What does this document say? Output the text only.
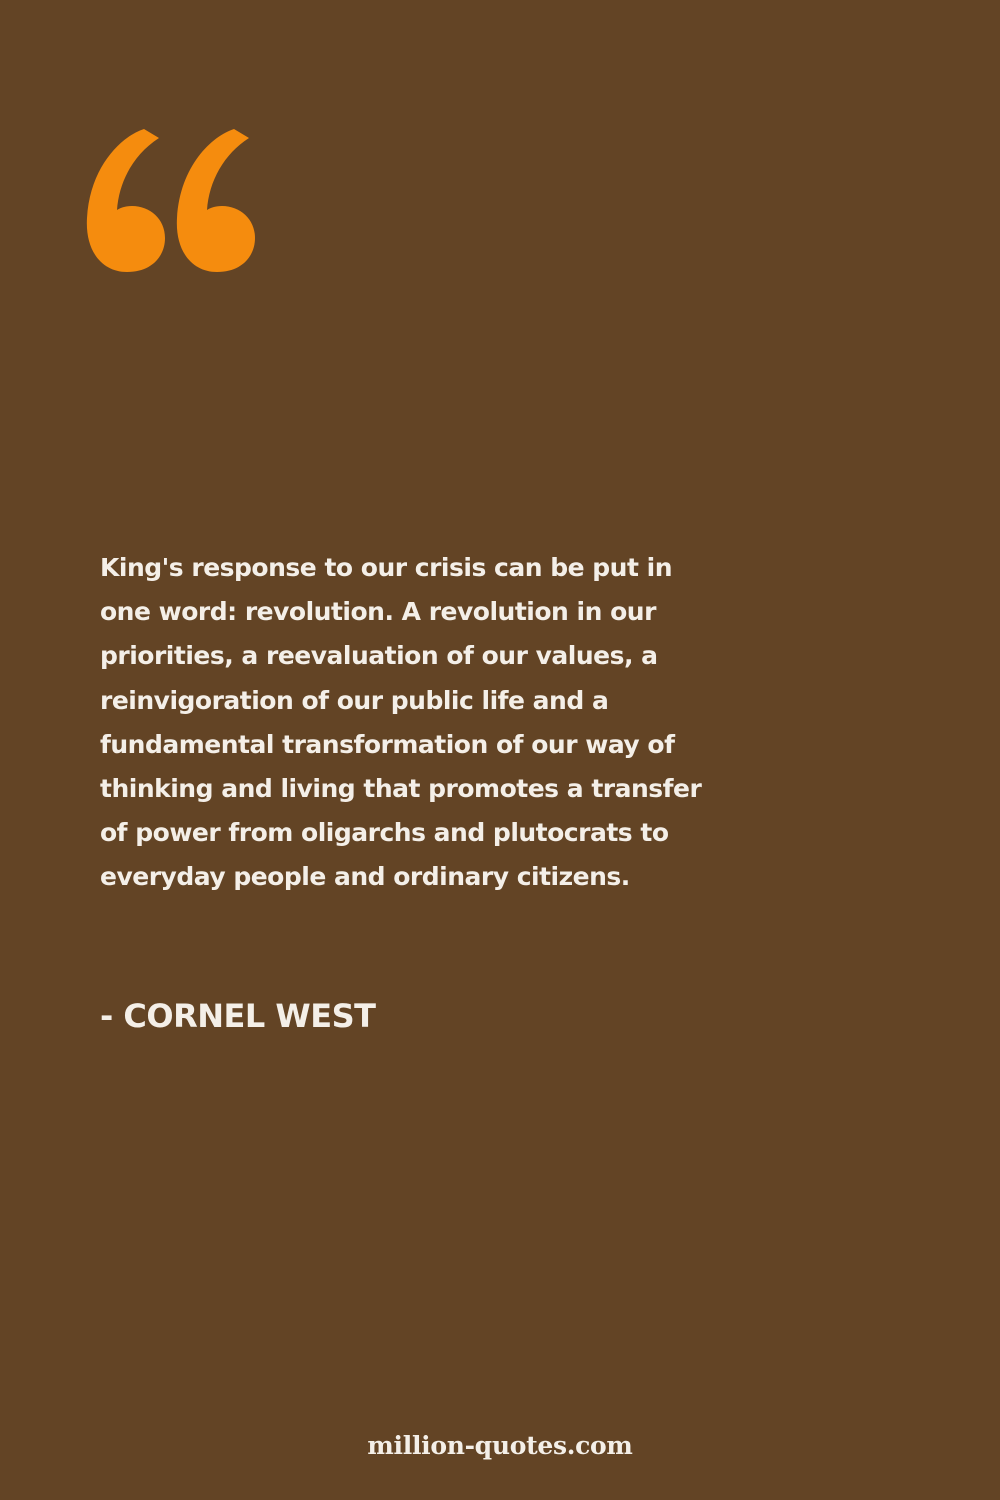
King's response to our crisis can be put in
one word: revolution. A revolution in our
priorities, a reevaluation of our values, a
reinvigoration of our public life and a
fundamental transformation of our way of
thinking and living that promotes a transfer
of power from oligarchs and plutocrats to
everyday people and ordinary citizens.

- CORNEL WEST

million-quotes.com
